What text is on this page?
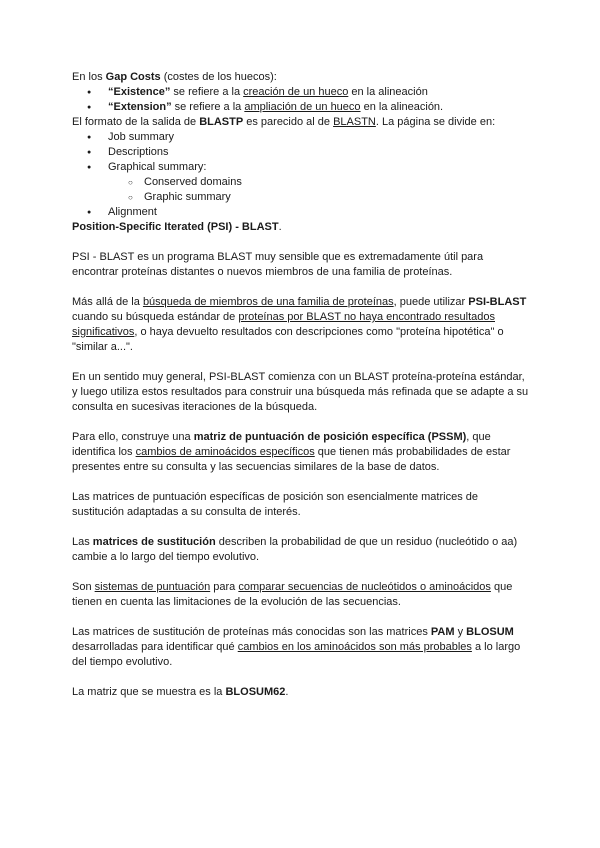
En los Gap Costs (costes de los huecos):

● “Existence” se refiere a la creación de un hueco en la alineación
● “Extension” se refiere a la ampliación de un hueco en la alineación.

El formato de la salida de BLASTP es parecido al de BLASTN. La página se divide en:

● Job summary
● Descriptions
● Graphical summary:
○ Conserved domains
○ Graphic summary
● Alignment

Position-Specific Iterated (PSI) - BLAST.

PSI - BLAST es un programa BLAST muy sensible que es extremadamente útil para encontrar proteínas distantes o nuevos miembros de una familia de proteínas.

Más allá de la búsqueda de miembros de una familia de proteínas, puede utilizar PSI-BLAST cuando su búsqueda estándar de proteínas por BLAST no haya encontrado resultados significativos, o haya devuelto resultados con descripciones como "proteína hipotética" o "similar a...".

En un sentido muy general, PSI-BLAST comienza con un BLAST proteína-proteína estándar, y luego utiliza estos resultados para construir una búsqueda más refinada que se adapte a su consulta en sucesivas iteraciones de la búsqueda.

Para ello, construye una matriz de puntuación de posición específica (PSSM), que identifica los cambios de aminoácidos específicos que tienen más probabilidades de estar presentes entre su consulta y las secuencias similares de la base de datos.

Las matrices de puntuación específicas de posición son esencialmente matrices de sustitución adaptadas a su consulta de interés.

Las matrices de sustitución describen la probabilidad de que un residuo (nucleótido o aa) cambie a lo largo del tiempo evolutivo.

Son sistemas de puntuación para comparar secuencias de nucleótidos o aminoácidos que tienen en cuenta las limitaciones de la evolución de las secuencias.

Las matrices de sustitución de proteínas más conocidas son las matrices PAM y BLOSUM desarrolladas para identificar qué cambios en los aminoácidos son más probables a lo largo del tiempo evolutivo.

La matriz que se muestra es la BLOSUM62.
